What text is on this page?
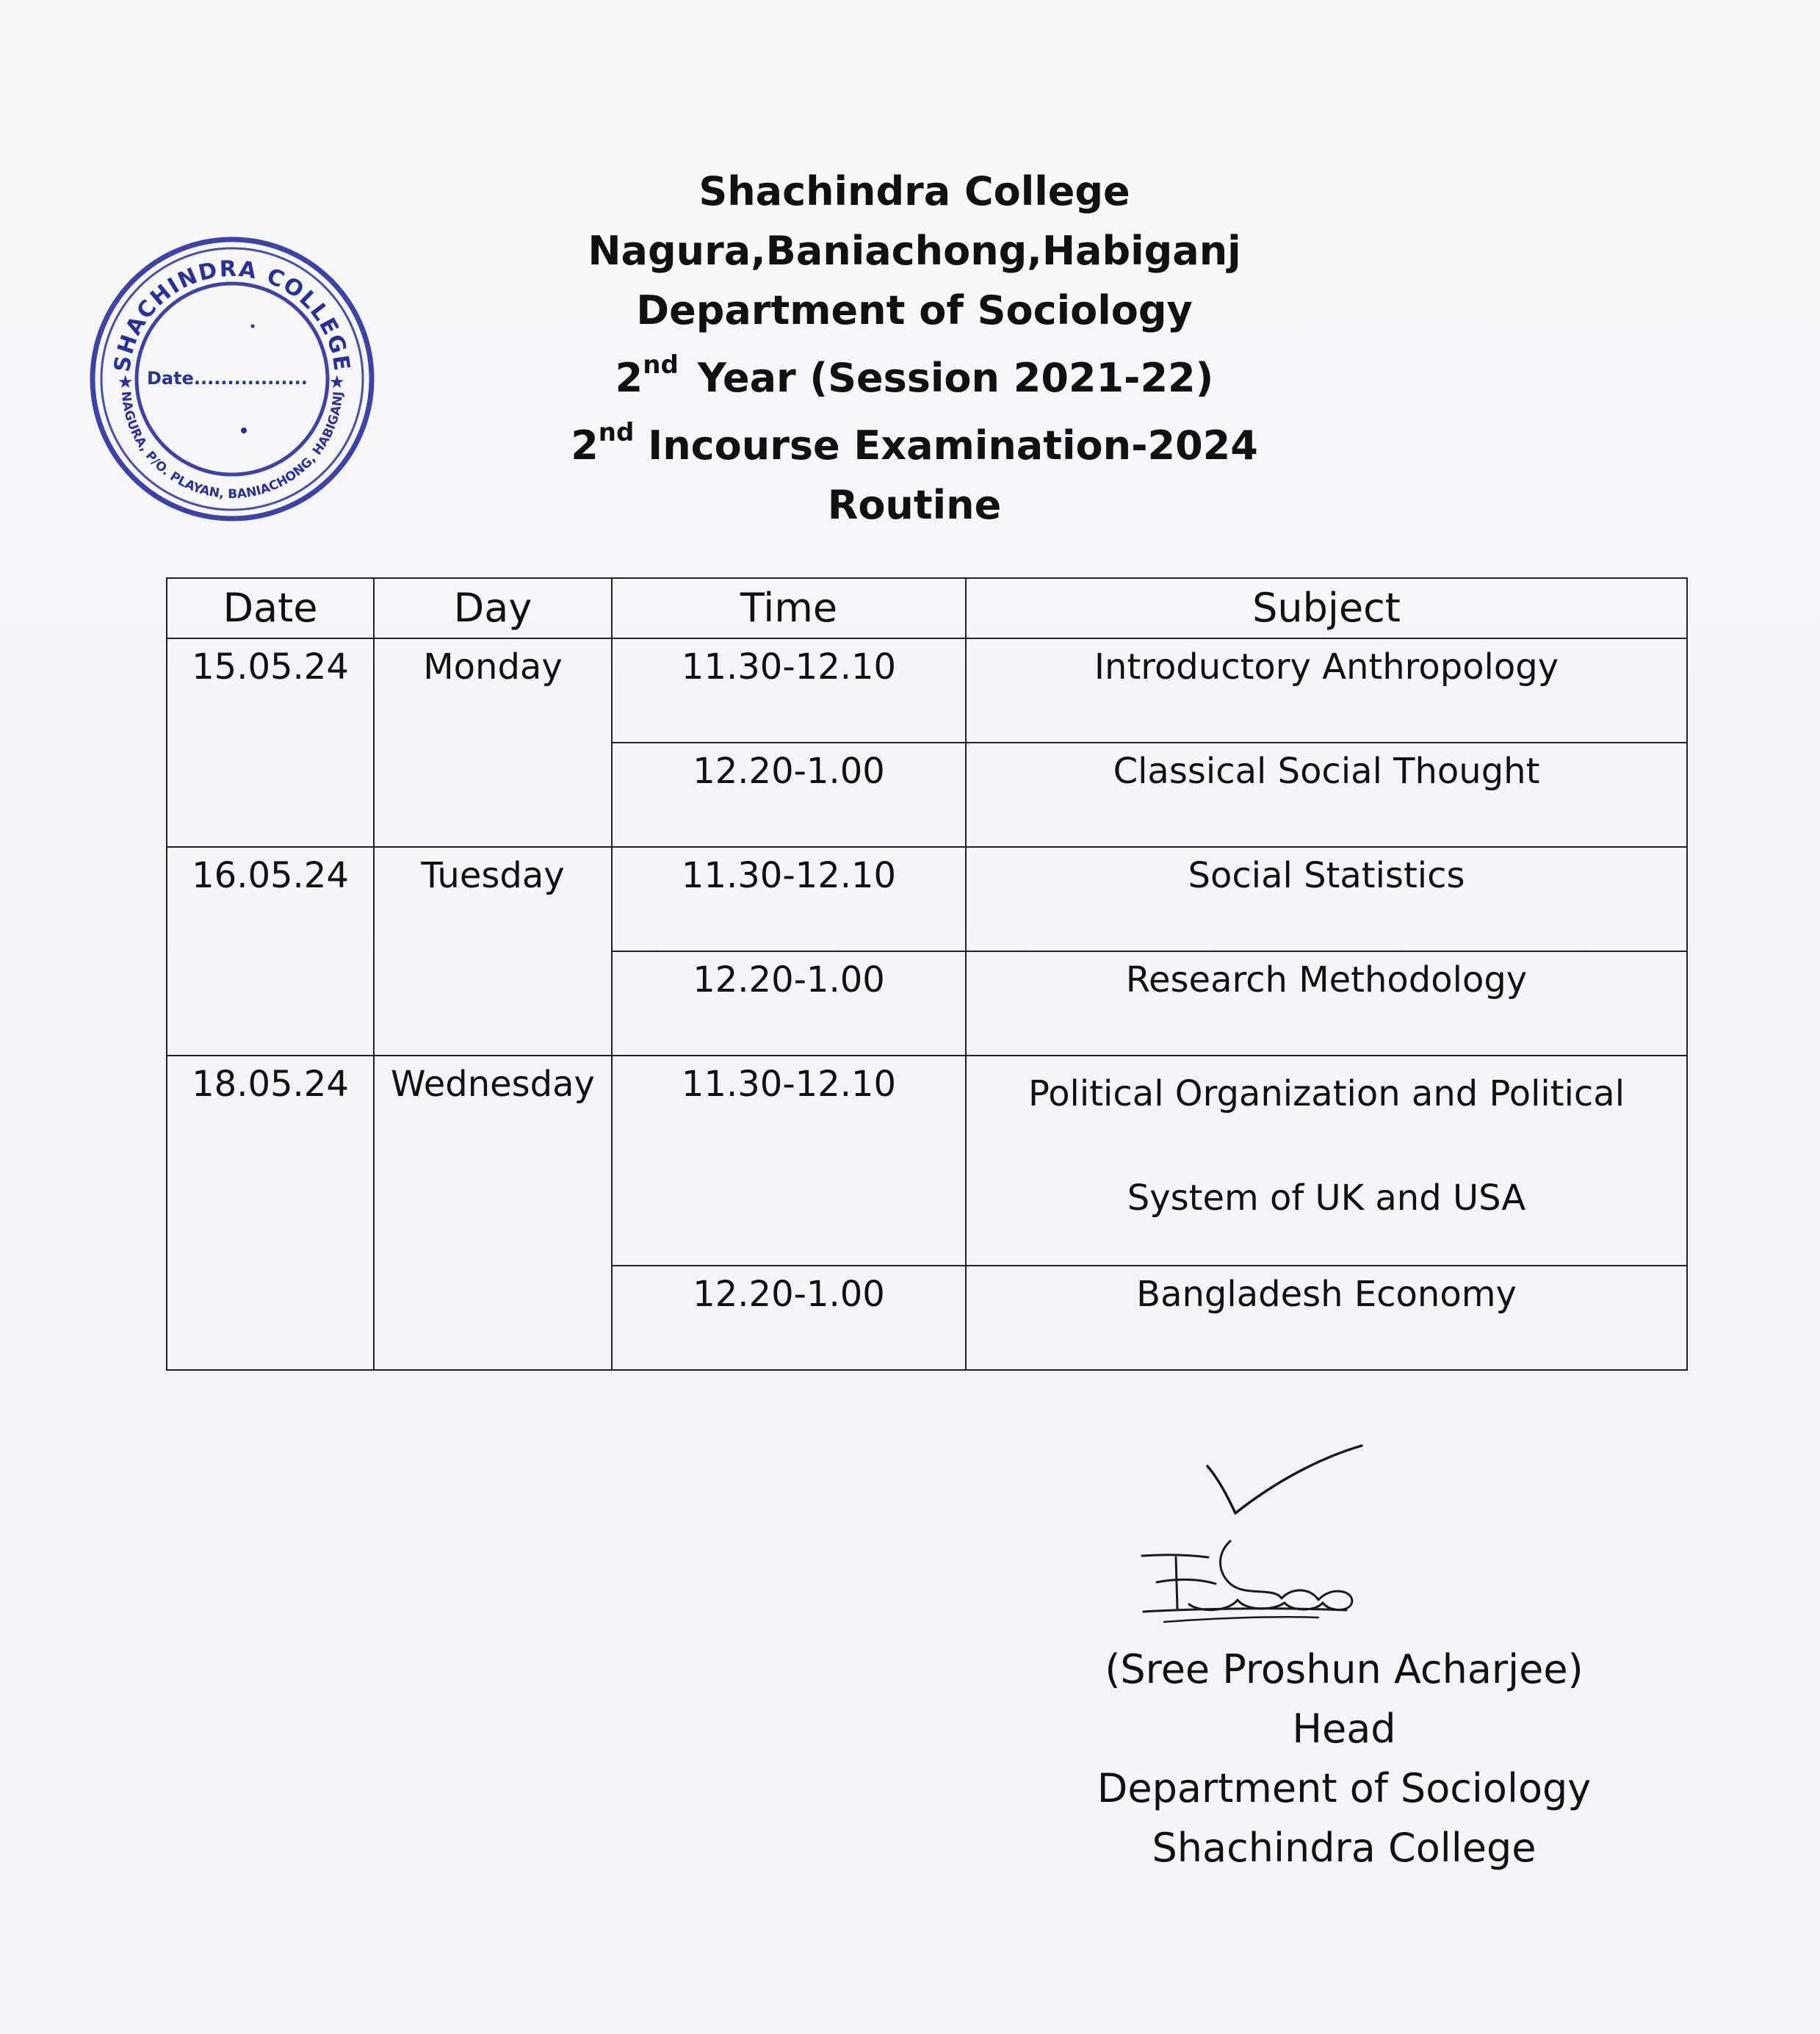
SHACHINDRA COLLEGE
NAGURA, P/O. PLAYAN, BANIACHONG, HABIGANJ
★	★
Date.................
Shachindra College
Nagura,Baniachong,Habiganj
Department of Sociology
2nd Year (Session 2021-22)
2nd Incourse Examination-2024
Routine
Date	Day	Time	Subject
15.05.24	Monday	11.30-12.10	Introductory Anthropology
		12.20-1.00	Classical Social Thought
16.05.24	Tuesday	11.30-12.10	Social Statistics
		12.20-1.00	Research Methodology
18.05.24	Wednesday	11.30-12.10	Political Organization and Political
System of UK and USA

		12.20-1.00	Bangladesh Economy
(Sree Proshun Acharjee)
Head
Department of Sociology
Shachindra College
